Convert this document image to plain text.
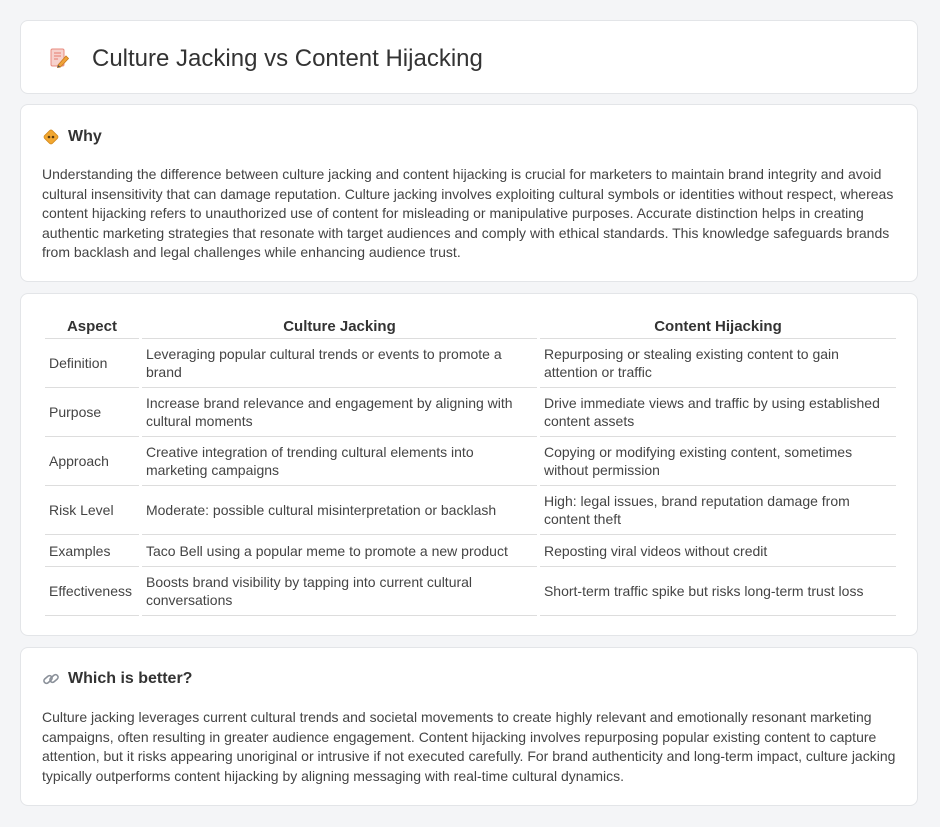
Culture Jacking vs Content Hijacking
Why

Understanding the difference between culture jacking and content hijacking is crucial for marketers to maintain brand integrity and avoid cultural insensitivity that can damage reputation. Culture jacking involves exploiting cultural symbols or identities without respect, whereas content hijacking refers to unauthorized use of content for misleading or manipulative purposes. Accurate distinction helps in creating authentic marketing strategies that resonate with target audiences and comply with ethical standards. This knowledge safeguards brands from backlash and legal challenges while enhancing audience trust.

Aspect	Culture Jacking	Content Hijacking
Definition	Leveraging popular cultural trends or events to promote a brand	Repurposing or stealing existing content to gain attention or traffic
Purpose	Increase brand relevance and engagement by aligning with cultural moments	Drive immediate views and traffic by using established content assets
Approach	Creative integration of trending cultural elements into marketing campaigns	Copying or modifying existing content, sometimes without permission
Risk Level	Moderate: possible cultural misinterpretation or backlash	High: legal issues, brand reputation damage from content theft
Examples	Taco Bell using a popular meme to promote a new product	Reposting viral videos without credit
Effectiveness	Boosts brand visibility by tapping into current cultural conversations	Short-term traffic spike but risks long-term trust loss
Which is better?

Culture jacking leverages current cultural trends and societal movements to create highly relevant and emotionally resonant marketing campaigns, often resulting in greater audience engagement. Content hijacking involves repurposing popular existing content to capture attention, but it risks appearing unoriginal or intrusive if not executed carefully. For brand authenticity and long-term impact, culture jacking typically outperforms content hijacking by aligning messaging with real-time cultural dynamics.
